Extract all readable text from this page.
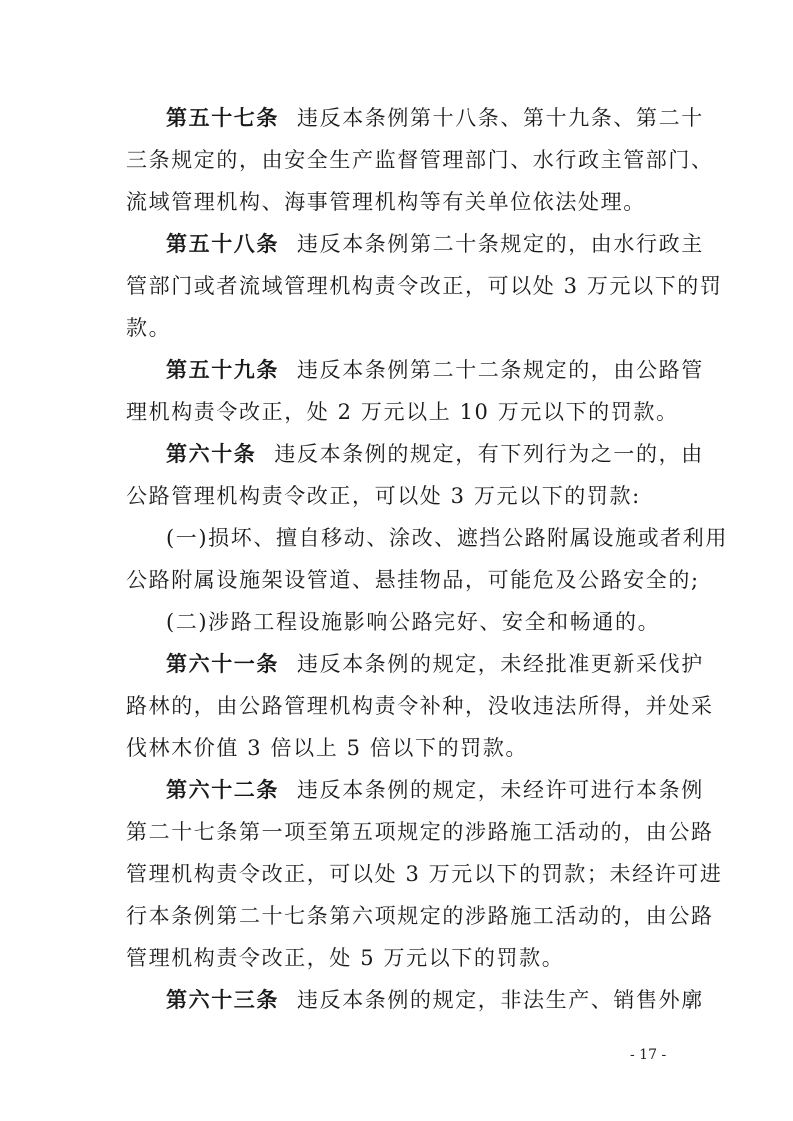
第五十七条 违反本条例第十八条、第十九条、第二十
三条规定的，由安全生产监督管理部门、水行政主管部门、
流域管理机构、海事管理机构等有关单位依法处理。
第五十八条 违反本条例第二十条规定的，由水行政主
管部门或者流域管理机构责令改正，可以处 3 万元以下的罚
款。
第五十九条 违反本条例第二十二条规定的，由公路管
理机构责令改正，处 2 万元以上 10 万元以下的罚款。
第六十条 违反本条例的规定，有下列行为之一的，由
公路管理机构责令改正，可以处 3 万元以下的罚款:
(一)损坏、擅自移动、涂改、遮挡公路附属设施或者利用
公路附属设施架设管道、悬挂物品，可能危及公路安全的;
(二)涉路工程设施影响公路完好、安全和畅通的。
第六十一条 违反本条例的规定，未经批准更新采伐护
路林的，由公路管理机构责令补种，没收违法所得，并处采
伐林木价值 3 倍以上 5 倍以下的罚款。
第六十二条 违反本条例的规定，未经许可进行本条例
第二十七条第一项至第五项规定的涉路施工活动的，由公路
管理机构责令改正，可以处 3 万元以下的罚款；未经许可进
行本条例第二十七条第六项规定的涉路施工活动的，由公路
管理机构责令改正，处 5 万元以下的罚款。
第六十三条 违反本条例的规定，非法生产、销售外廓
- 17 -
